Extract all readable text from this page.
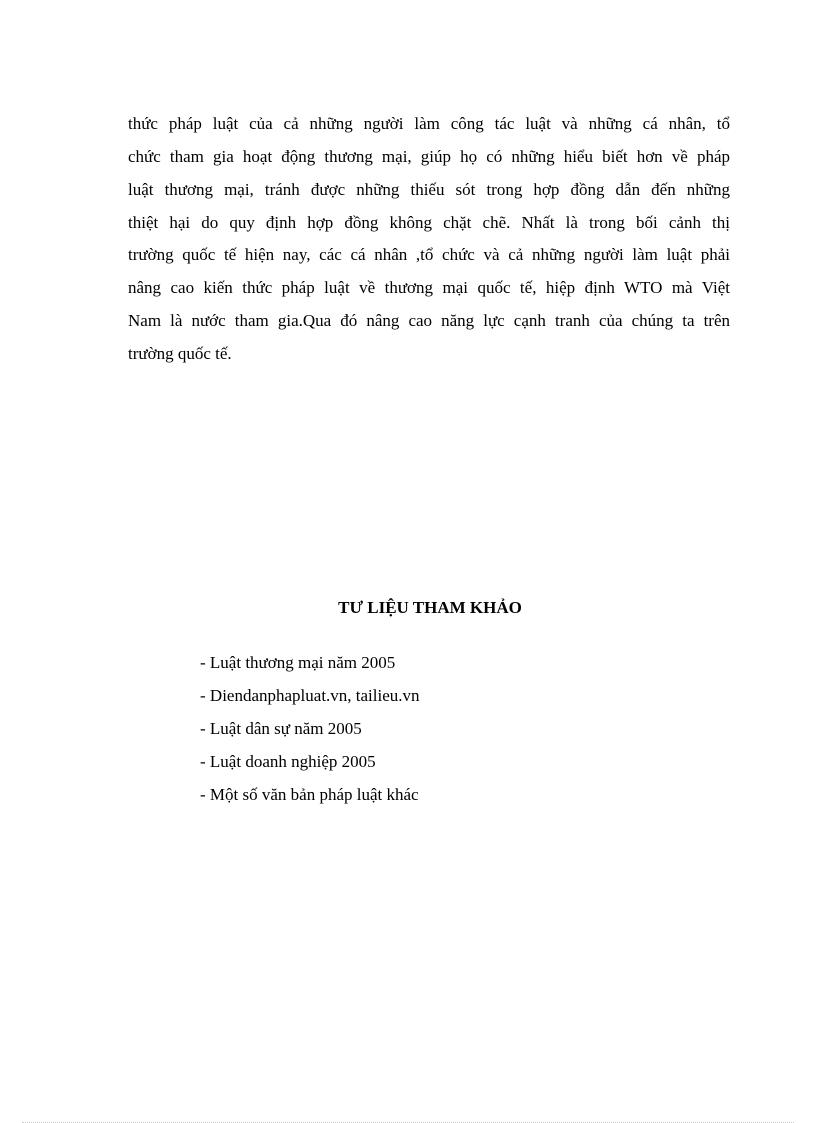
thức pháp luật của cả những người làm công tác luật và những cá nhân, tổ
chức tham gia hoạt động thương mại, giúp họ có những hiểu biết hơn về pháp
luật thương mại, tránh được những thiếu sót trong hợp đồng dẫn đến những
thiệt hại do quy định hợp đồng không chặt chẽ. Nhất là trong bối cảnh thị
trường quốc tế hiện nay, các cá nhân ,tổ chức và cả những người làm luật phải
nâng cao kiến thức pháp luật về thương mại quốc tế, hiệp định WTO mà Việt
Nam là nước tham gia.Qua đó nâng cao năng lực cạnh tranh của chúng ta trên
trường quốc tế.
TƯ LIỆU THAM KHẢO
- Luật thương mại năm 2005
- Diendanphapluat.vn, tailieu.vn
- Luật dân sự năm 2005
- Luật doanh nghiệp 2005
- Một số văn bản pháp luật khác
